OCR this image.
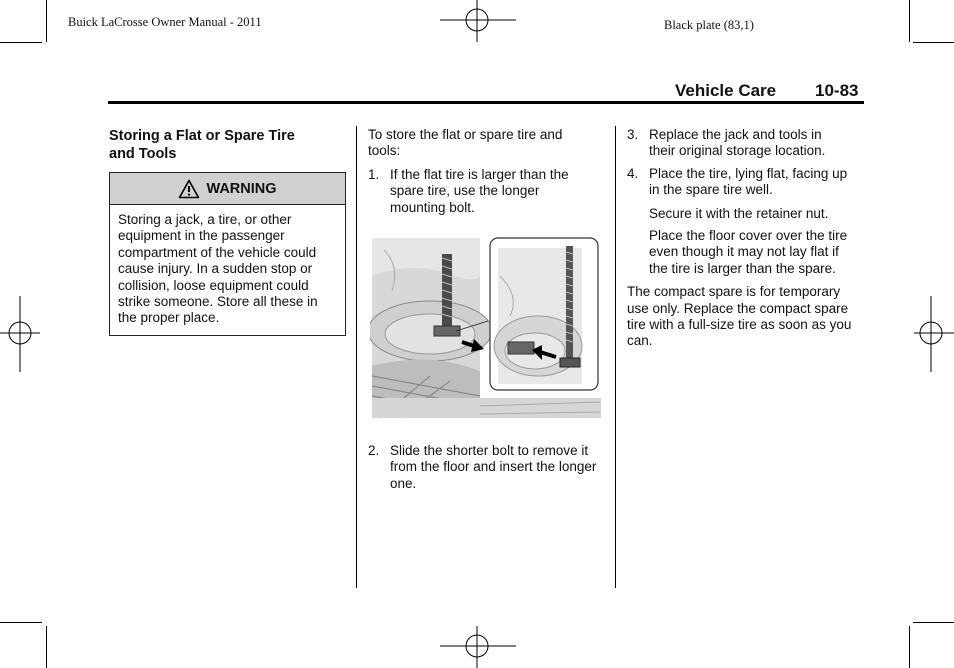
Buick LaCrosse Owner Manual - 2011	Black plate (83,1)
Vehicle Care 10-83
Storing a Flat or Spare Tire and Tools
WARNING
Storing a jack, a tire, or other equipment in the passenger compartment of the vehicle could cause injury. In a sudden stop or collision, loose equipment could strike someone. Store all these in the proper place.
To store the flat or spare tire and tools:
1. If the flat tire is larger than the spare tire, use the longer mounting bolt.
2. Slide the shorter bolt to remove it from the floor and insert the longer one.
3. Replace the jack and tools in their original storage location.
4. Place the tire, lying flat, facing up in the spare tire well.
Secure it with the retainer nut.
Place the floor cover over the tire even though it may not lay flat if the tire is larger than the spare.
The compact spare is for temporary use only. Replace the compact spare tire with a full-size tire as soon as you can.
